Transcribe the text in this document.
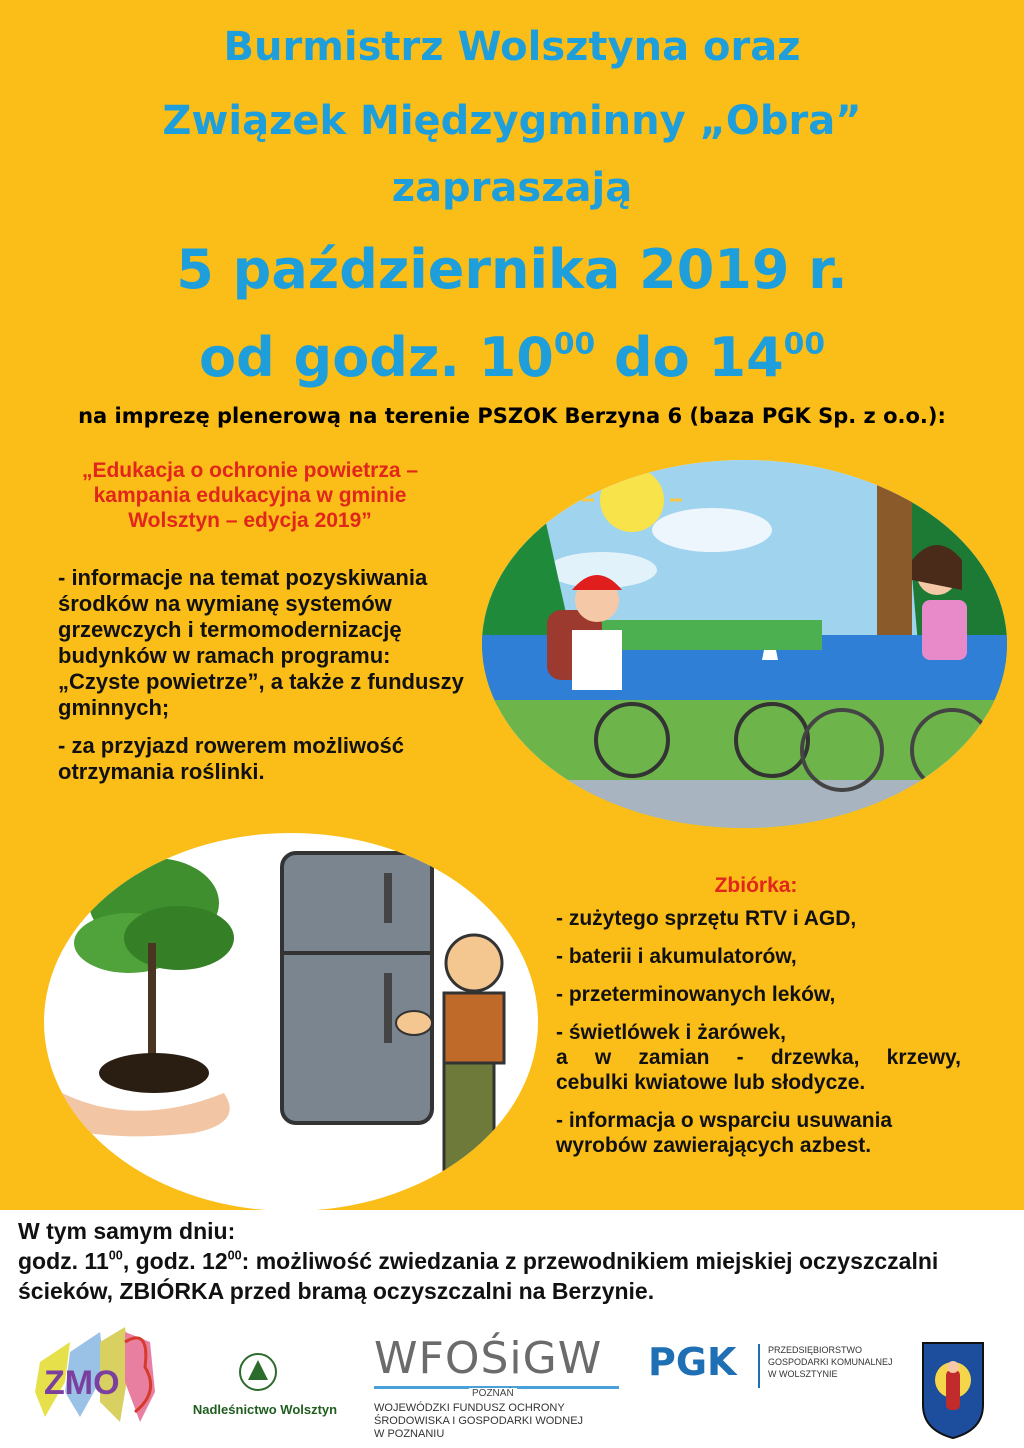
Burmistrz Wolsztyna oraz
Związek Międzygminny „Obra”
zapraszają
5 października 2019 r.
od godz. $10^{00}$ do $14^{00}$
na imprezę plenerową na terenie PSZOK Berzyna 6 (baza PGK Sp. z o.o.):
„Edukacja o ochronie powietrza –
kampania edukacyjna w gminie
Wolsztyn – edycja 2019”

- informacje na temat pozyskiwania środków na wymianę systemów grzewczych i termomodernizację budynków w ramach programu: „Czyste powietrze”, a także z funduszy gminnych;

- za przyjazd rowerem możliwość otrzymania roślinki.

Zbiórka:

- zużytego sprzętu RTV i AGD,

- baterii i akumulatorów,

- przeterminowanych leków,

- świetlówek i żarówek,
a w zamian - drzewka, krzewy,
cebulki kwiatowe lub słodycze.

- informacja o wsparciu usuwania wyrobów zawierających azbest.

W tym samym dniu:
godz. $11^{00}$, godz. $12^{00}$: możliwość zwiedzania z przewodnikiem miejskiej oczyszczalni ścieków, ZBIÓRKA przed bramą oczyszczalni na Berzynie.
ZMO
Nadleśnictwo Wolsztyn
WFOŚiGW
POZNAŃ
WOJEWÓDZKI FUNDUSZ OCHRONY
ŚRODOWISKA I GOSPODARKI WODNEJ
W POZNANIU
PGK	PRZEDSIĘBIORSTWO
GOSPODARKI KOMUNALNEJ
W WOLSZTYNIE
